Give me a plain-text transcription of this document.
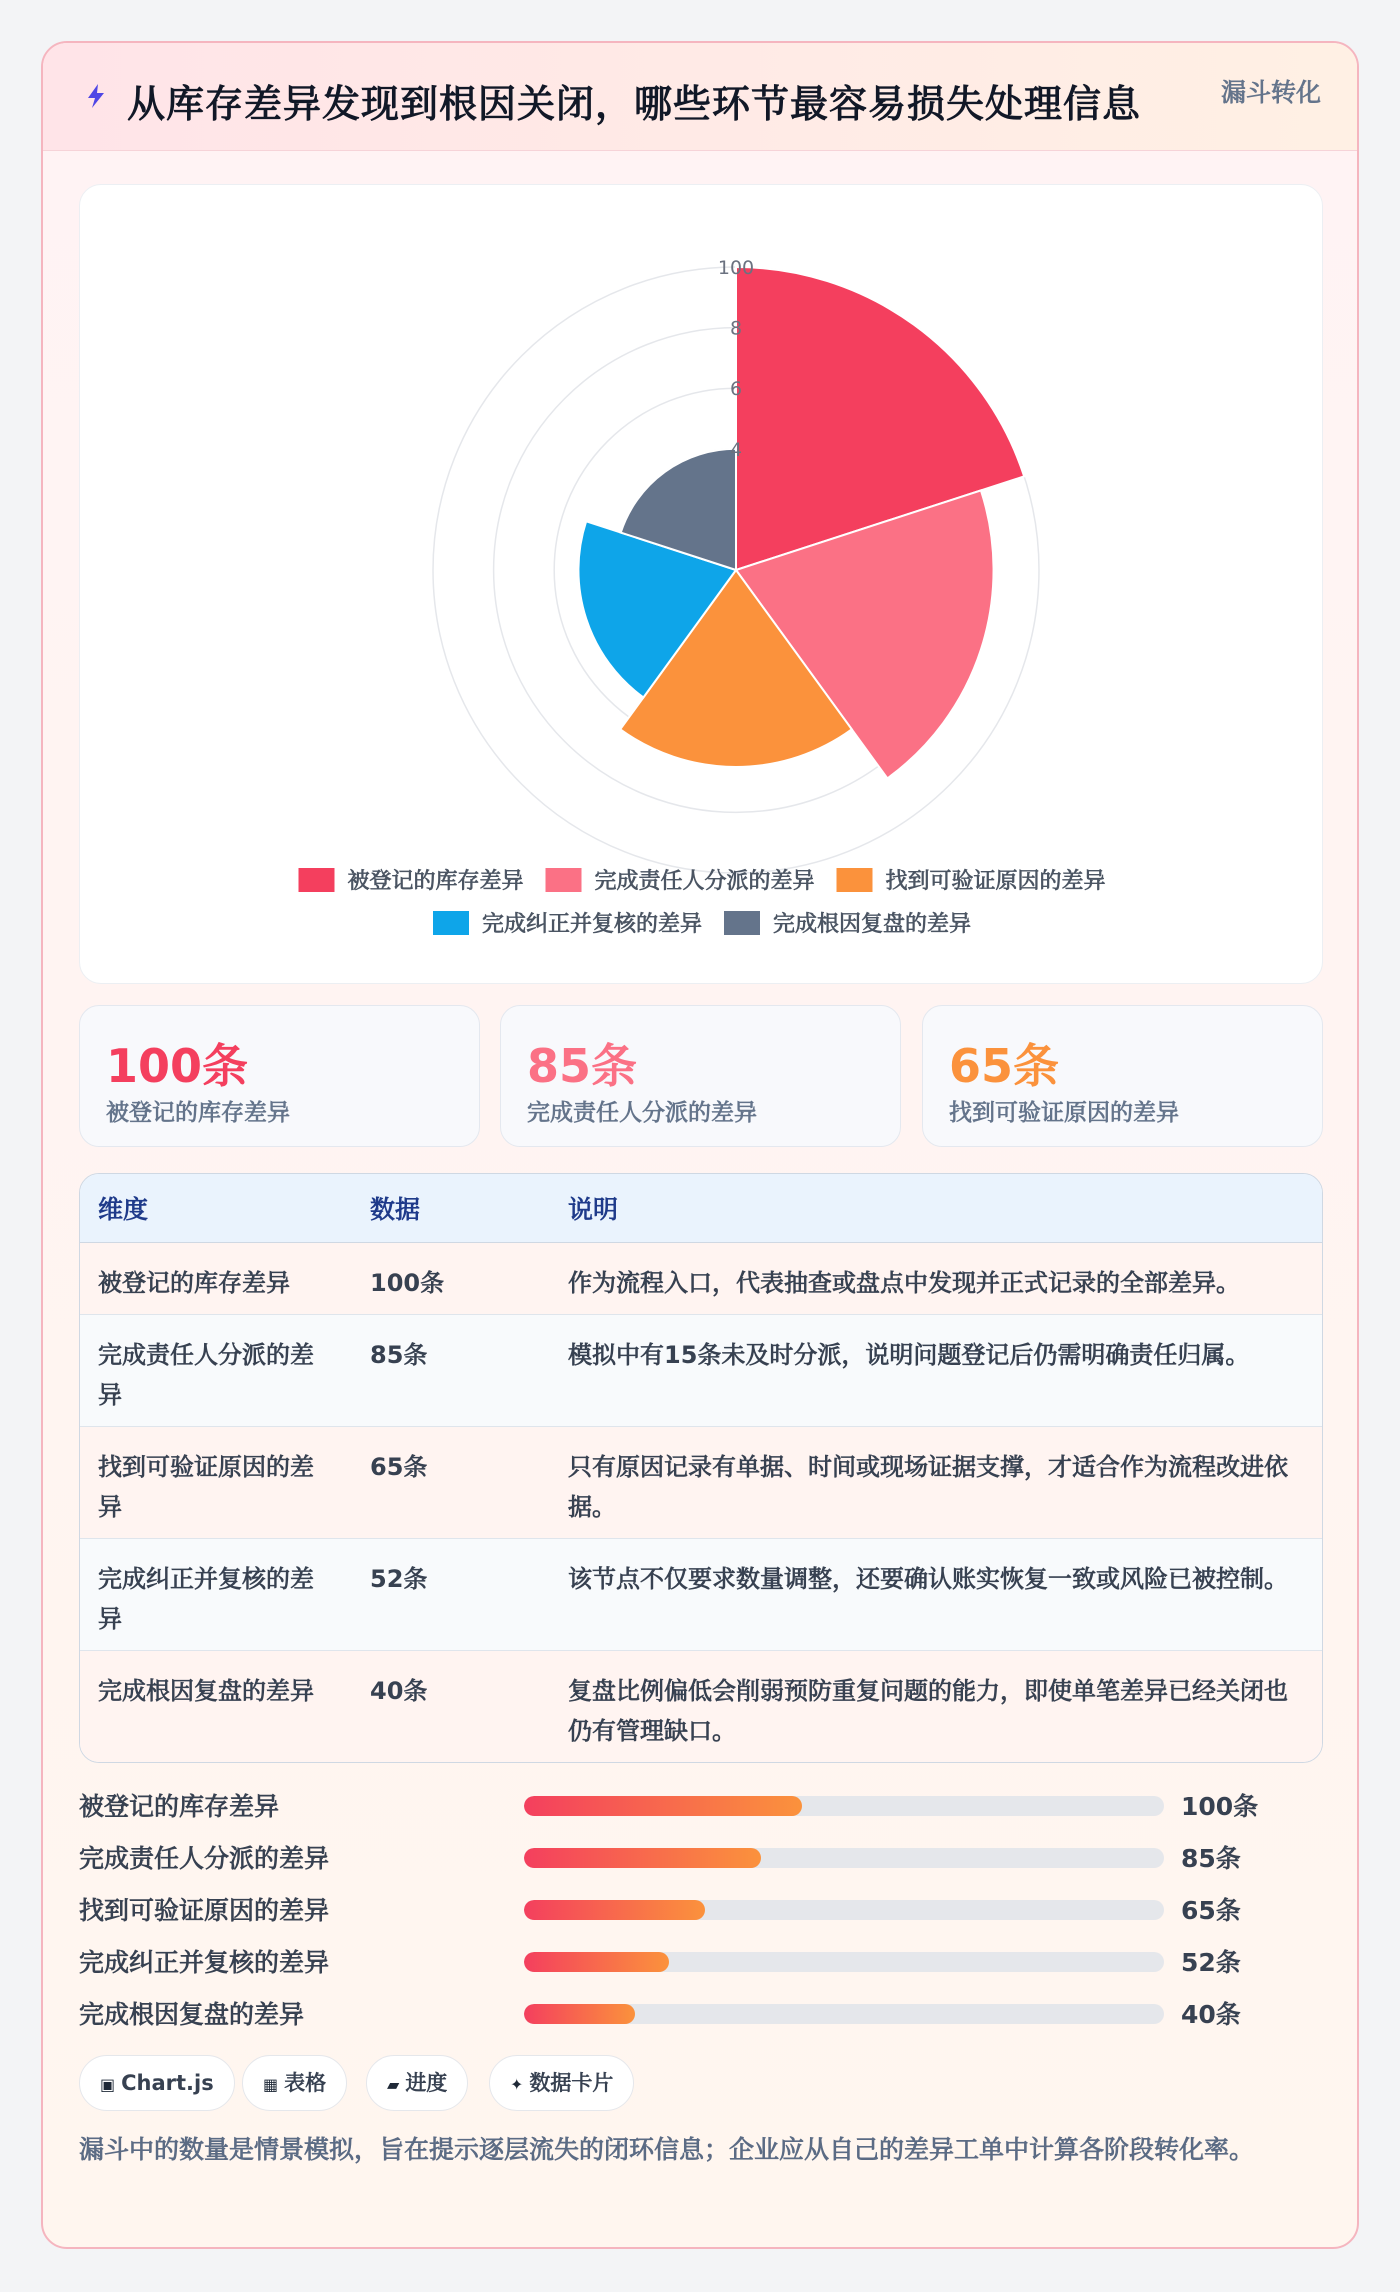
从库存差异发现到根因关闭，哪些环节最容易损失处理信息	漏斗转化
100
8
6
4
被登记的库存差异	完成责任人分派的差异	找到可验证原因的差异
完成纠正并复核的差异	完成根因复盘的差异
100条
被登记的库存差异
85条
完成责任人分派的差异
65条
找到可验证原因的差异
维度	数据	说明
被登记的库存差异	100条	作为流程入口，代表抽查或盘点中发现并正式记录的全部差异。
完成责任人分派的差异	85条	模拟中有15条未及时分派，说明问题登记后仍需明确责任归属。
找到可验证原因的差异	65条	只有原因记录有单据、时间或现场证据支撑，才适合作为流程改进依据。
完成纠正并复核的差异	52条	该节点不仅要求数量调整，还要确认账实恢复一致或风险已被控制。
完成根因复盘的差异	40条	复盘比例偏低会削弱预防重复问题的能力，即使单笔差异已经关闭也仍有管理缺口。
被登记的库存差异	100条
完成责任人分派的差异	85条
找到可验证原因的差异	65条
完成纠正并复核的差异	52条
完成根因复盘的差异	40条
▣ Chart.js	▦ 表格	▰ 进度	✦ 数据卡片
漏斗中的数量是情景模拟，旨在提示逐层流失的闭环信息；企业应从自己的差异工单中计算各阶段转化率。
